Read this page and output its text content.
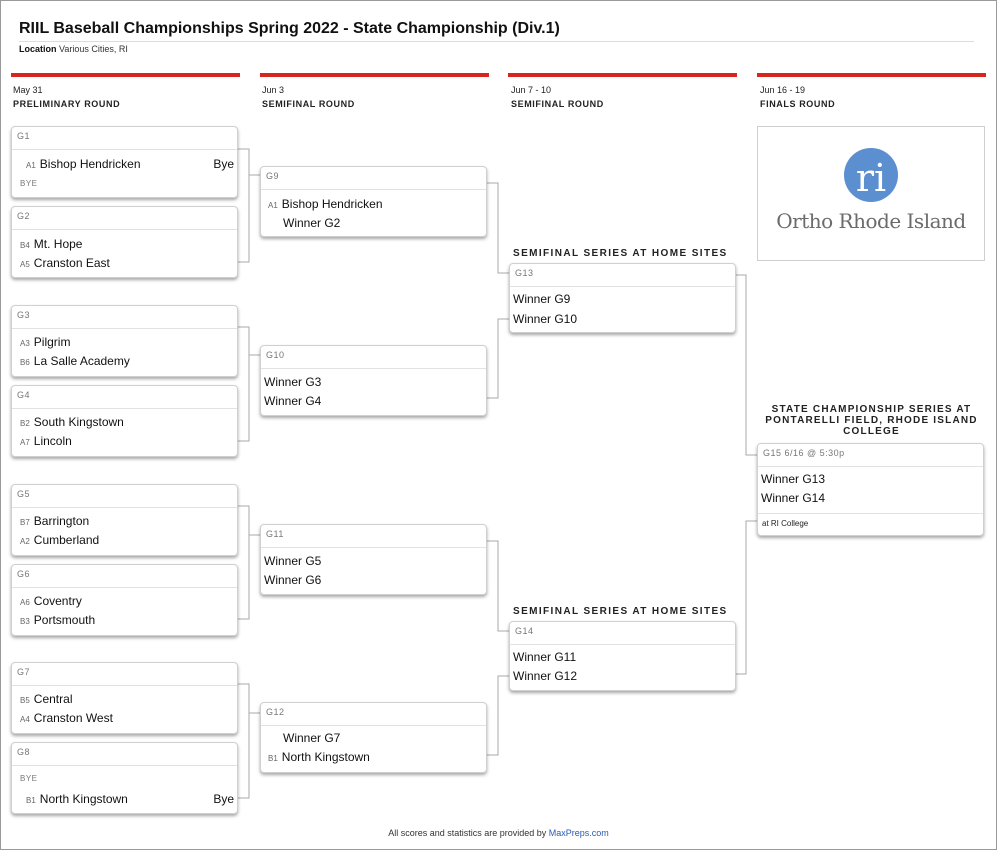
RIIL Baseball Championships Spring 2022 - State Championship (Div.1)
Location Various Cities, RI
May 31
PRELIMINARY ROUND
Jun 3
SEMIFINAL ROUND
Jun 7 - 10
SEMIFINAL ROUND
Jun 16 - 19
FINALS ROUND
G1
A1 Bishop Hendricken	Bye
BYE
G2
B4 Mt. Hope
A5 Cranston East
G3
A3 Pilgrim
B6 La Salle Academy
G4
B2 South Kingstown
A7 Lincoln
G5
B7 Barrington
A2 Cumberland
G6
A6 Coventry
B3 Portsmouth
G7
B5 Central
A4 Cranston West
G8
BYE
B1 North Kingstown	Bye
G9
A1 Bishop Hendricken
Winner G2
G10
Winner G3
Winner G4
G11
Winner G5
Winner G6
G12
Winner G7
B1 North Kingstown
SEMIFINAL SERIES AT HOME SITES
G13
Winner G9
Winner G10
SEMIFINAL SERIES AT HOME SITES
G14
Winner G11
Winner G12
ri
Ortho Rhode Island
STATE CHAMPIONSHIP SERIES AT PONTARELLI FIELD, RHODE ISLAND COLLEGE
G15 6/16 @ 5:30p
Winner G13
Winner G14
at RI College
All scores and statistics are provided by MaxPreps.com
